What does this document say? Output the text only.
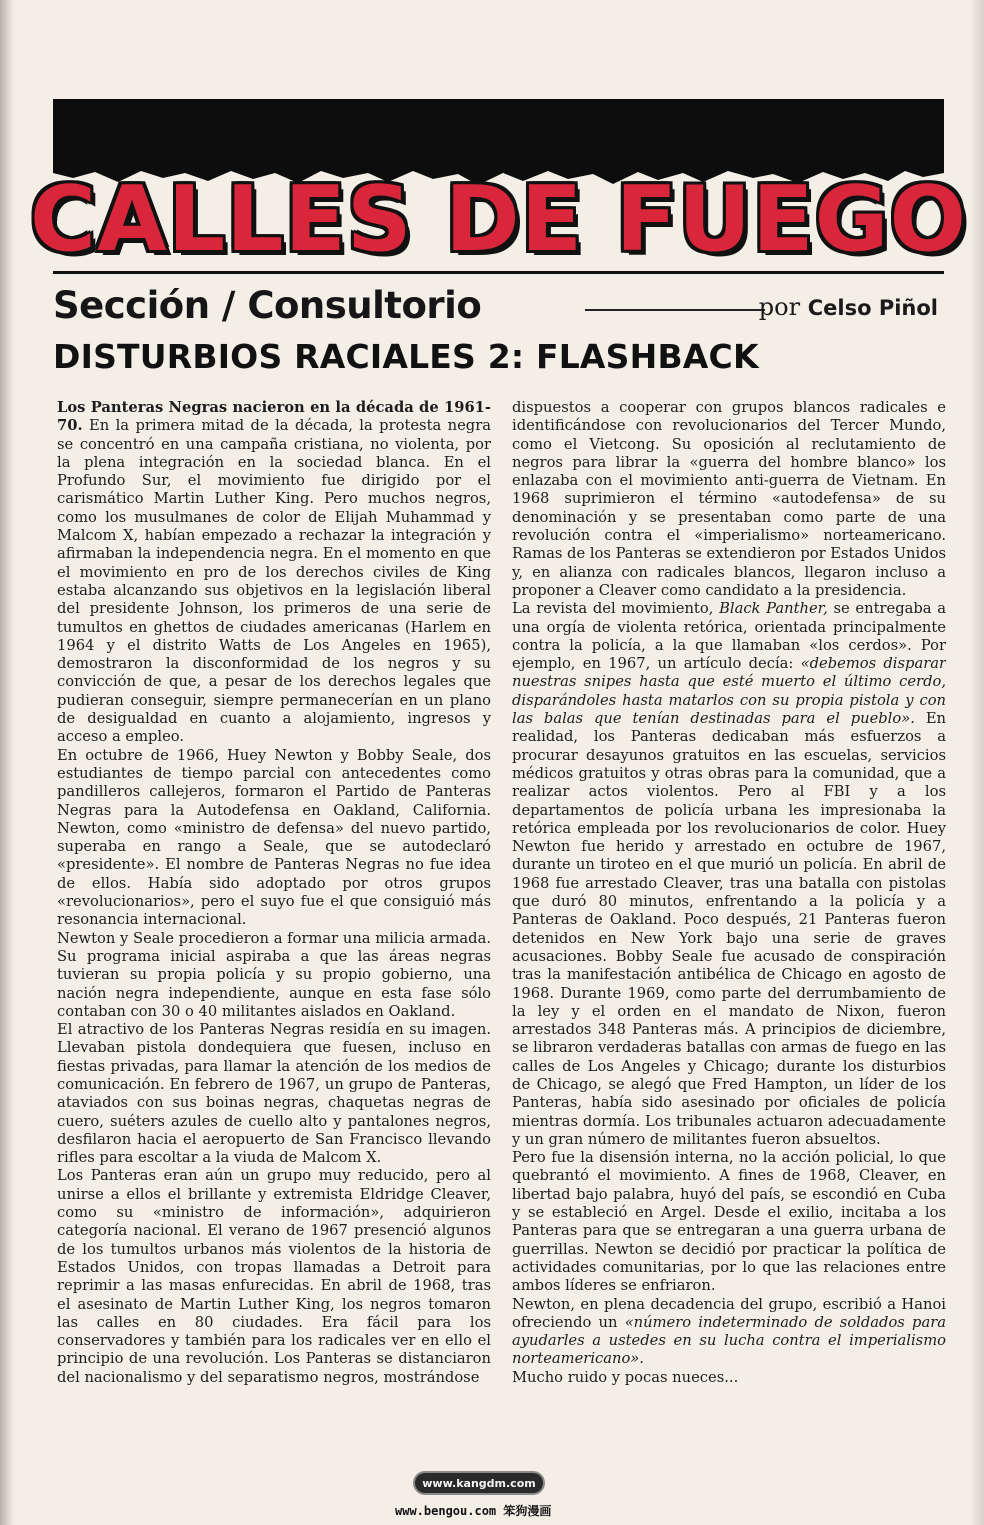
CALLES DE FUEGO
Sección / Consultorio	por Celso Piñol
DISTURBIOS RACIALES 2: FLASHBACK

Los Panteras Negras nacieron en la década de 1961-70. En la primera mitad de la década, la protesta negra se concentró en una campaña cristiana, no violenta, por la plena integración en la sociedad blanca. En el Profundo Sur, el movimiento fue dirigido por el carismático Martin Luther King. Pero muchos negros, como los musulmanes de color de Elijah Muhammad y Malcom X, habían empezado a rechazar la integración y afirmaban la independencia negra. En el momento en que el movimiento en pro de los derechos civiles de King estaba alcanzando sus objetivos en la legislación liberal del presidente Johnson, los primeros de una serie de tumultos en ghettos de ciudades americanas (Harlem en 1964 y el distrito Watts de Los Angeles en 1965), demostraron la disconformidad de los negros y su convicción de que, a pesar de los derechos legales que pudieran conseguir, siempre permanecerían en un plano de desigualdad en cuanto a alojamiento, ingresos y acceso a empleo.

En octubre de 1966, Huey Newton y Bobby Seale, dos estudiantes de tiempo parcial con antecedentes como pandilleros callejeros, formaron el Partido de Panteras Negras para la Autodefensa en Oakland, California. Newton, como «ministro de defensa» del nuevo partido, superaba en rango a Seale, que se autodeclaró «presidente». El nombre de Panteras Negras no fue idea de ellos. Había sido adoptado por otros grupos «revolucionarios», pero el suyo fue el que consiguió más resonancia internacional.

Newton y Seale procedieron a formar una milicia armada. Su programa inicial aspiraba a que las áreas negras tuvieran su propia policía y su propio gobierno, una nación negra independiente, aunque en esta fase sólo contaban con 30 o 40 militantes aislados en Oakland.

El atractivo de los Panteras Negras residía en su imagen. Llevaban pistola dondequiera que fuesen, incluso en fiestas privadas, para llamar la atención de los medios de comunicación. En febrero de 1967, un grupo de Panteras, ataviados con sus boinas negras, chaquetas negras de cuero, suéters azules de cuello alto y pantalones negros, desfilaron hacia el aeropuerto de San Francisco llevando rifles para escoltar a la viuda de Malcom X.

Los Panteras eran aún un grupo muy reducido, pero al unirse a ellos el brillante y extremista Eldridge Cleaver, como su «ministro de información», adquirieron categoría nacional. El verano de 1967 presenció algunos de los tumultos urbanos más violentos de la historia de Estados Unidos, con tropas llamadas a Detroit para reprimir a las masas enfurecidas. En abril de 1968, tras el asesinato de Martin Luther King, los negros tomaron las calles en 80 ciudades. Era fácil para los conservadores y también para los radicales ver en ello el principio de una revolución. Los Panteras se distanciaron del nacionalismo y del separatismo negros, mostrándose

dispuestos a cooperar con grupos blancos radicales e identificándose con revolucionarios del Tercer Mundo, como el Vietcong. Su oposición al reclutamiento de negros para librar la «guerra del hombre blanco» los enlazaba con el movimiento anti-guerra de Vietnam. En 1968 suprimieron el término «autodefensa» de su denominación y se presentaban como parte de una revolución contra el «imperialismo» norteamericano. Ramas de los Panteras se extendieron por Estados Unidos y, en alianza con radicales blancos, llegaron incluso a proponer a Cleaver como candidato a la presidencia.

La revista del movimiento, Black Panther, se entregaba a una orgía de violenta retórica, orientada principalmente contra la policía, a la que llamaban «los cerdos». Por ejemplo, en 1967, un artículo decía: «debemos disparar nuestras snipes hasta que esté muerto el último cerdo, disparándoles hasta matarlos con su propia pistola y con las balas que tenían destinadas para el pueblo». En realidad, los Panteras dedicaban más esfuerzos a procurar desayunos gratuitos en las escuelas, servicios médicos gratuitos y otras obras para la comunidad, que a realizar actos violentos. Pero al FBI y a los departamentos de policía urbana les impresionaba la retórica empleada por los revolucionarios de color. Huey Newton fue herido y arrestado en octubre de 1967, durante un tiroteo en el que murió un policía. En abril de 1968 fue arrestado Cleaver, tras una batalla con pistolas que duró 80 minutos, enfrentando a la policía y a Panteras de Oakland. Poco después, 21 Panteras fueron detenidos en New York bajo una serie de graves acusaciones. Bobby Seale fue acusado de conspiración tras la manifestación antibélica de Chicago en agosto de 1968. Durante 1969, como parte del derrumbamiento de la ley y el orden en el mandato de Nixon, fueron arrestados 348 Panteras más. A principios de diciembre, se libraron verdaderas batallas con armas de fuego en las calles de Los Angeles y Chicago; durante los disturbios de Chicago, se alegó que Fred Hampton, un líder de los Panteras, había sido asesinado por oficiales de policía mientras dormía. Los tribunales actuaron adecuadamente y un gran número de militantes fueron absueltos.

Pero fue la disensión interna, no la acción policial, lo que quebrantó el movimiento. A fines de 1968, Cleaver, en libertad bajo palabra, huyó del país, se escondió en Cuba y se estableció en Argel. Desde el exilio, incitaba a los Panteras para que se entregaran a una guerra urbana de guerrillas. Newton se decidió por practicar la política de actividades comunitarias, por lo que las relaciones entre ambos líderes se enfriaron.

Newton, en plena decadencia del grupo, escribió a Hanoi ofreciendo un «número indeterminado de soldados para ayudarles a ustedes en su lucha contra el imperialismo norteamericano».

Mucho ruido y pocas nueces...

www.kangdm.com
www.bengou.com 笨狗漫画
